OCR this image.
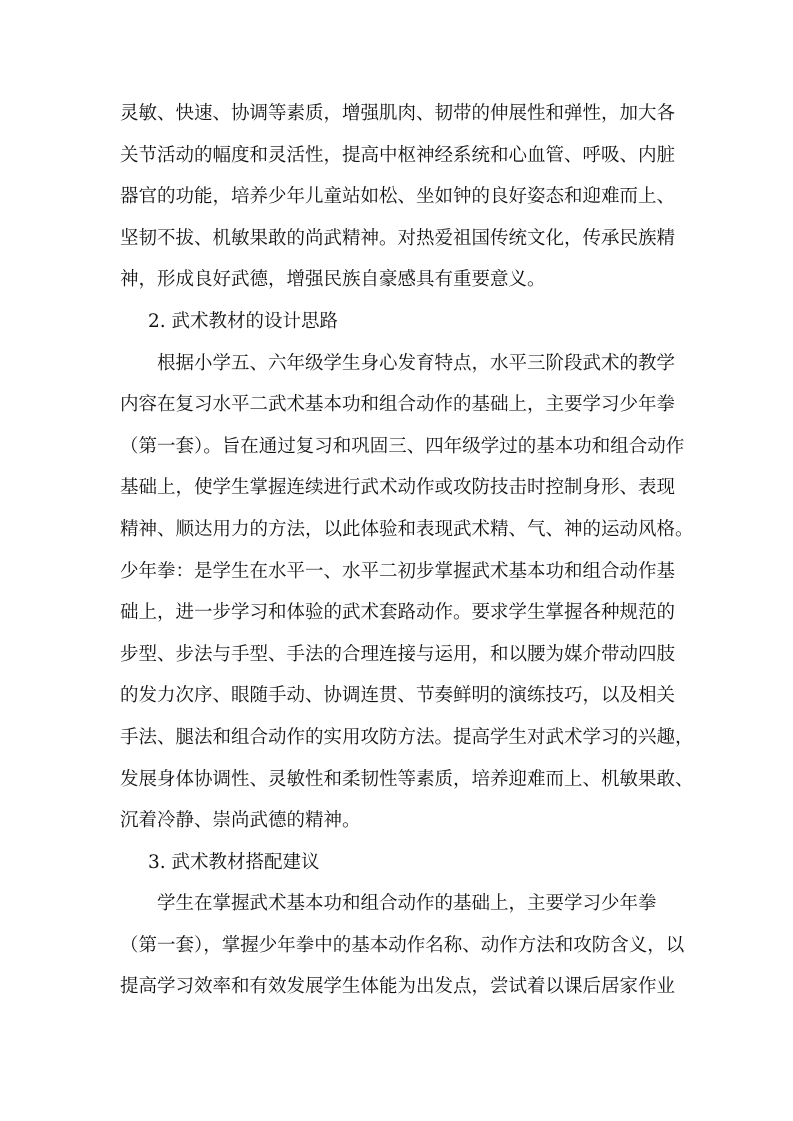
灵敏、快速、协调等素质，增强肌肉、韧带的伸展性和弹性，加大各
关节活动的幅度和灵活性，提高中枢神经系统和心血管、呼吸、内脏
器官的功能，培养少年儿童站如松、坐如钟的良好姿态和迎难而上、
坚韧不拔、机敏果敢的尚武精神。对热爱祖国传统文化，传承民族精
神，形成良好武德，增强民族自豪感具有重要意义。
2. 武术教材的设计思路
根据小学五、六年级学生身心发育特点，水平三阶段武术的教学
内容在复习水平二武术基本功和组合动作的基础上，主要学习少年拳
（第一套）。旨在通过复习和巩固三、四年级学过的基本功和组合动作
基础上，使学生掌握连续进行武术动作或攻防技击时控制身形、表现
精神、顺达用力的方法，以此体验和表现武术精、气、神的运动风格。
少年拳：是学生在水平一、水平二初步掌握武术基本功和组合动作基
础上，进一步学习和体验的武术套路动作。要求学生掌握各种规范的
步型、步法与手型、手法的合理连接与运用，和以腰为媒介带动四肢
的发力次序、眼随手动、协调连贯、节奏鲜明的演练技巧，以及相关
手法、腿法和组合动作的实用攻防方法。提高学生对武术学习的兴趣，
发展身体协调性、灵敏性和柔韧性等素质，培养迎难而上、机敏果敢、
沉着冷静、崇尚武德的精神。
3. 武术教材搭配建议
学生在掌握武术基本功和组合动作的基础上，主要学习少年拳
（第一套），掌握少年拳中的基本动作名称、动作方法和攻防含义，以
提高学习效率和有效发展学生体能为出发点，尝试着以课后居家作业
